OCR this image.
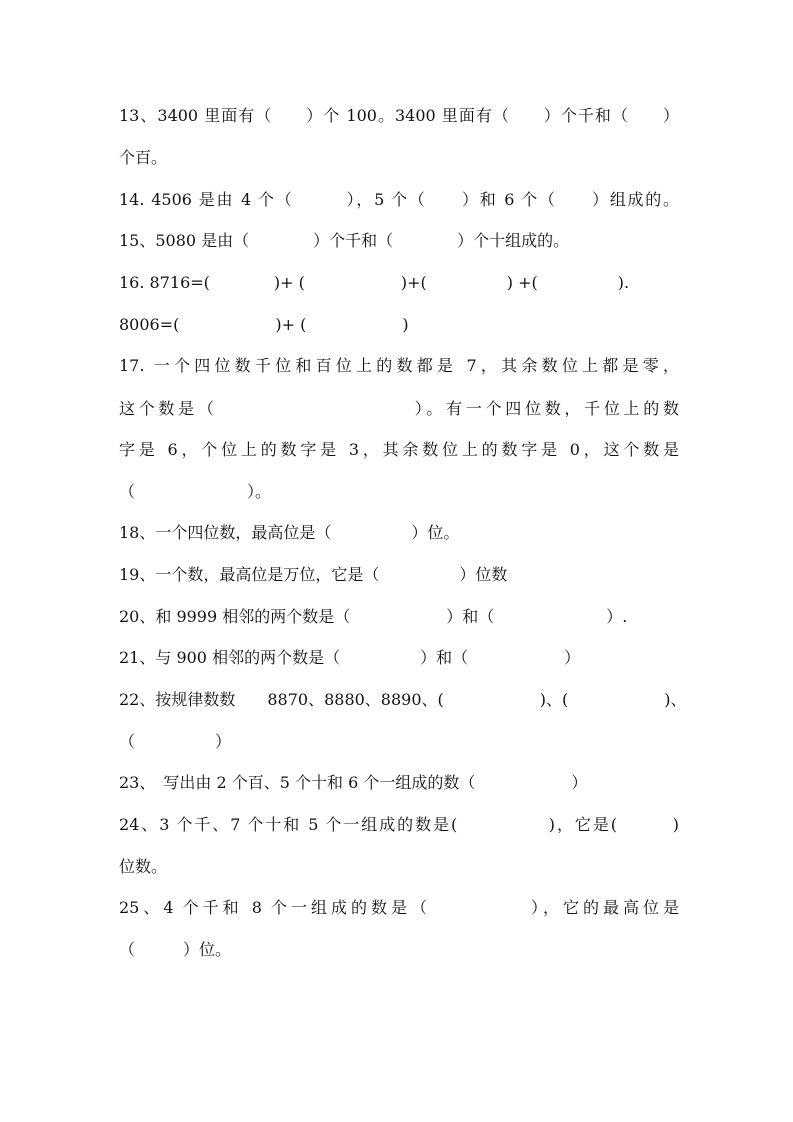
13、3400 里面有（　　）个 100。3400 里面有（　　）个千和（　　）
个百。
14. 4506 是由 4 个（　　　），5 个（　　）和 6 个（　　）组成的。
15、5080 是由（　　　　）个千和（　　　　）个十组成的。
16. 8716=(　　　　)+ (　　　　　　)+(　　　　　) +(　　　　　).
8006=(　　　　　　)+ (　　　　　　)
17. 一个四位数千位和百位上的数都是 7，其余数位上都是零，
这个数是（　　　　　　　　　　）。有一个四位数，千位上的数
字是 6，个位上的数字是 3，其余数位上的数字是 0，这个数是
（　　　　　　　）。
18、一个四位数，最高位是（　　　　　）位。
19、一个数，最高位是万位，它是（　　　　　）位数
20、和 9999 相邻的两个数是（　　　　　　）和（　　　　　　　）.
21、与 900 相邻的两个数是（　　　　　）和（　　　　　　）
22、按规律数数　　8870、8880、8890、(　　　　　　)、(　　　　　　)、
（　　　　　）
23、　写出由 2 个百、5 个十和 6 个一组成的数（　　　　　　）
24、3 个千、7 个十和 5 个一组成的数是(　　　　　)，它是(　　　)
位数。
25、4 个千和 8 个一组成的数是（　　　　　），它的最高位是
（　　　）位。
